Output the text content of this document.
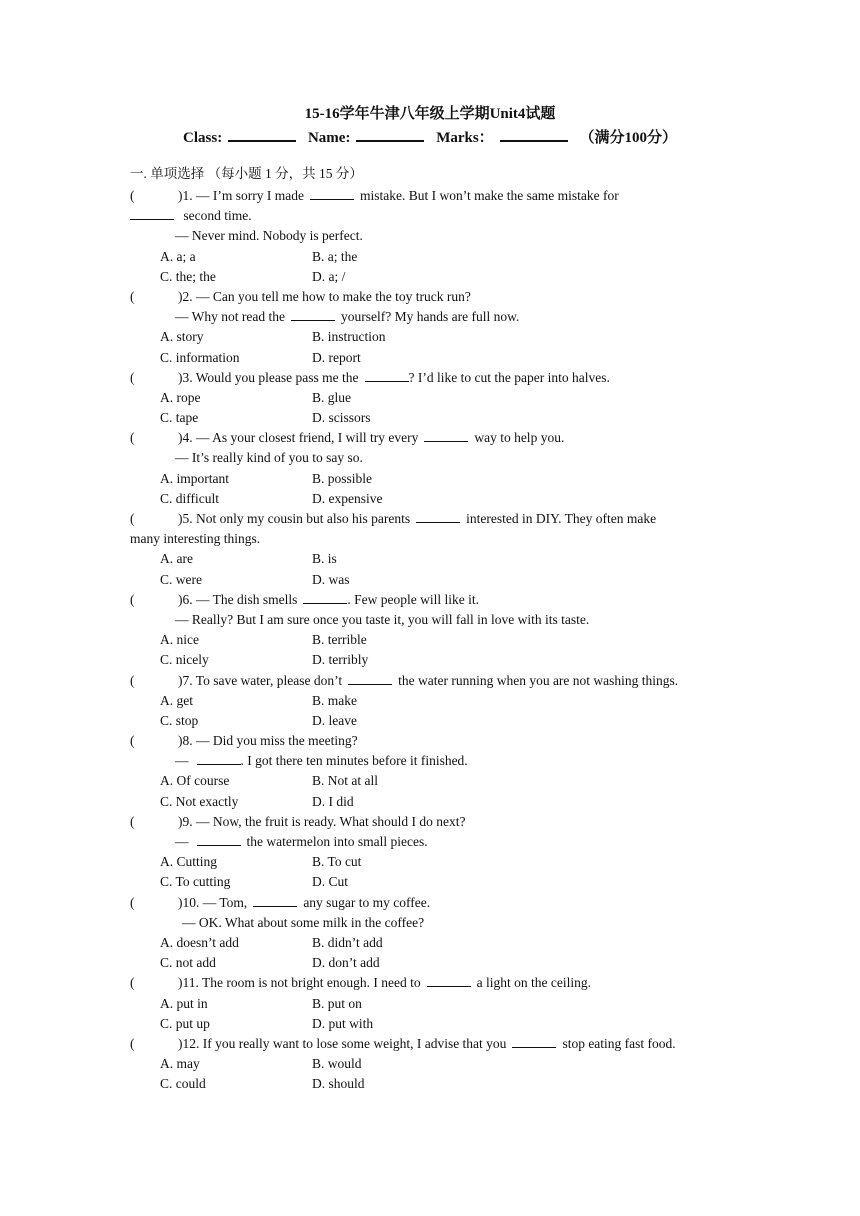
15-16学年牛津八年级上学期Unit4试题
Class:	Name:	Marks：	（满分100分）
一. 单项选择 （每小题 1 分，共 15 分）
(	)1. — I’m sorry I made	mistake. But I won’t make the same mistake for
second time.
— Never mind. Nobody is perfect.
A. a; a	B. a; the
C. the; the	D. a; /
(	)2. — Can you tell me how to make the toy truck run?
— Why not read the	yourself? My hands are full now.
A. story	B. instruction
C. information	D. report
(	)3. Would you please pass me the	? I’d like to cut the paper into halves.
A. rope	B. glue
C. tape	D. scissors
(	)4. — As your closest friend, I will try every	way to help you.
— It’s really kind of you to say so.
A. important	B. possible
C. difficult	D. expensive
(	)5. Not only my cousin but also his parents	interested in DIY. They often make
many interesting things.
A. are	B. is
C. were	D. was
(	)6. — The dish smells	. Few people will like it.
— Really? But I am sure once you taste it, you will fall in love with its taste.
A. nice	B. terrible
C. nicely	D. terribly
(	)7. To save water, please don’t	the water running when you are not washing things.
A. get	B. make
C. stop	D. leave
(	)8. — Did you miss the meeting?
—	. I got there ten minutes before it finished.
A. Of course	B. Not at all
C. Not exactly	D. I did
(	)9. — Now, the fruit is ready. What should I do next?
—	the watermelon into small pieces.
A. Cutting	B. To cut
C. To cutting	D. Cut
(	)10. — Tom,	any sugar to my coffee.
— OK. What about some milk in the coffee?
A. doesn’t add	B. didn’t add
C. not add	D. don’t add
(	)11. The room is not bright enough. I need to	a light on the ceiling.
A. put in	B. put on
C. put up	D. put with
(	)12. If you really want to lose some weight, I advise that you	stop eating fast food.
A. may	B. would
C. could	D. should
